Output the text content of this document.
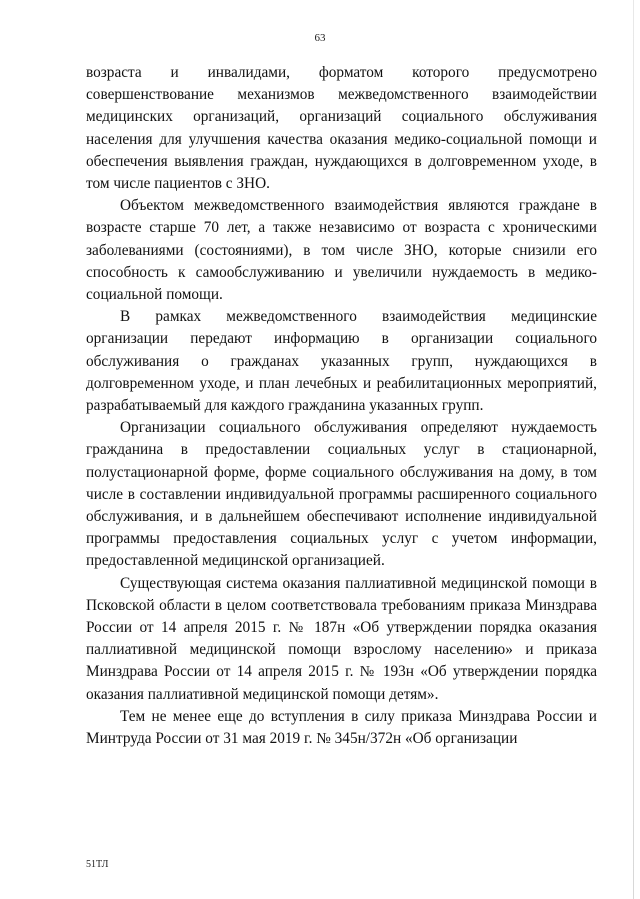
63

возраста и инвалидами, форматом которого предусмотрено совершенствование механизмов межведомственного взаимодействии медицинских организаций, организаций социального обслуживания населения для улучшения качества оказания медико-социальной помощи и обеспечения выявления граждан, нуждающихся в долговременном уходе, в том числе пациентов с ЗНО.

Объектом межведомственного взаимодействия являются граждане в возрасте старше 70 лет, а также независимо от возраста с хроническими заболеваниями (состояниями), в том числе ЗНО, которые снизили его способность к самообслуживанию и увеличили нуждаемость в медико-социальной помощи.

В рамках межведомственного взаимодействия медицинские организации передают информацию в организации социального обслуживания о гражданах указанных групп, нуждающихся в долговременном уходе, и план лечебных и реабилитационных мероприятий, разрабатываемый для каждого гражданина указанных групп.

Организации социального обслуживания определяют нуждаемость гражданина в предоставлении социальных услуг в стационарной, полустационарной форме, форме социального обслуживания на дому, в том числе в составлении индивидуальной программы расширенного социального обслуживания, и в дальнейшем обеспечивают исполнение индивидуальной программы предоставления социальных услуг с учетом информации, предоставленной медицинской организацией.

Существующая система оказания паллиативной медицинской помощи в Псковской области в целом соответствовала требованиям приказа Минздрава России от 14 апреля 2015 г. № 187н «Об утверждении порядка оказания паллиативной медицинской помощи взрослому населению» и приказа Минздрава России от 14 апреля 2015 г. № 193н «Об утверждении порядка оказания паллиативной медицинской помощи детям».

Тем не менее еще до вступления в силу приказа Минздрава России и Минтруда России от 31 мая 2019 г. № 345н/372н «Об организации

51ТЛ
